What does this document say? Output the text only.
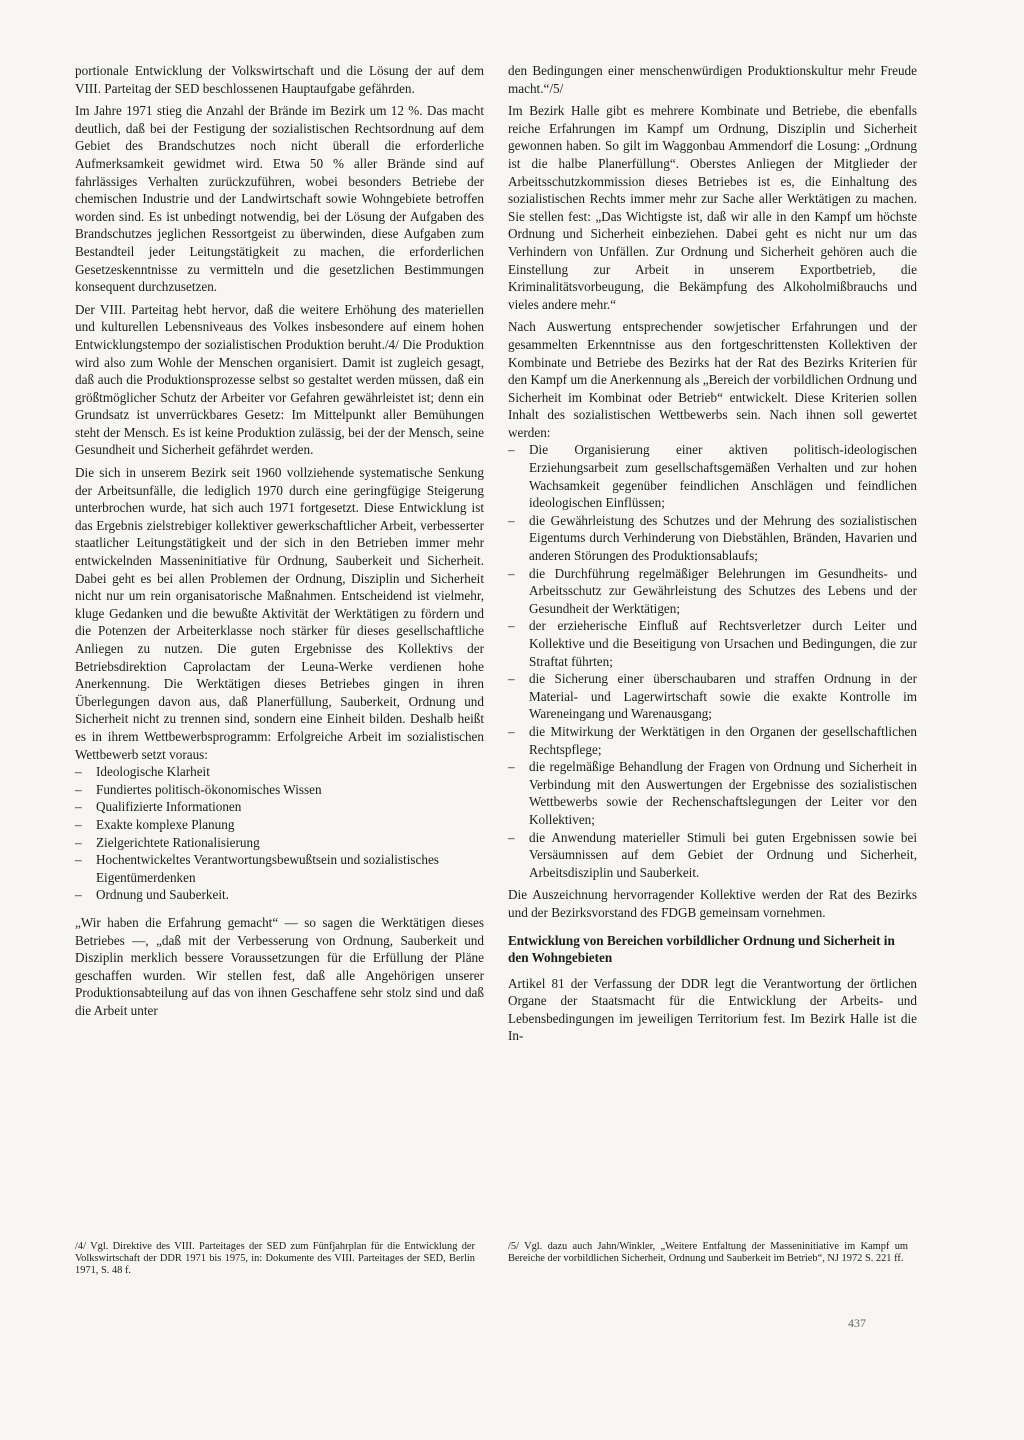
portionale Entwicklung der Volkswirtschaft und die Lösung der auf dem VIII. Parteitag der SED beschlossenen Hauptaufgabe gefährden.

Im Jahre 1971 stieg die Anzahl der Brände im Bezirk um 12 %. Das macht deutlich, daß bei der Festigung der sozialistischen Rechtsordnung auf dem Gebiet des Brandschutzes noch nicht überall die erforderliche Aufmerksamkeit gewidmet wird. Etwa 50 % aller Brände sind auf fahrlässiges Verhalten zurückzuführen, wobei besonders Betriebe der chemischen Industrie und der Landwirtschaft sowie Wohngebiete betroffen worden sind. Es ist unbedingt notwendig, bei der Lösung der Aufgaben des Brandschutzes jeglichen Ressortgeist zu überwinden, diese Aufgaben zum Bestandteil jeder Leitungstätigkeit zu machen, die erforderlichen Gesetzeskenntnisse zu vermitteln und die gesetzlichen Bestimmungen konsequent durchzusetzen.

Der VIII. Parteitag hebt hervor, daß die weitere Erhöhung des materiellen und kulturellen Lebensniveaus des Volkes insbesondere auf einem hohen Entwicklungstempo der sozialistischen Produktion beruht./4/ Die Produktion wird also zum Wohle der Menschen organisiert. Damit ist zugleich gesagt, daß auch die Produktionsprozesse selbst so gestaltet werden müssen, daß ein größtmöglicher Schutz der Arbeiter vor Gefahren gewährleistet ist; denn ein Grundsatz ist unverrückbares Gesetz: Im Mittelpunkt aller Bemühungen steht der Mensch. Es ist keine Produktion zulässig, bei der der Mensch, seine Gesundheit und Sicherheit gefährdet werden.

Die sich in unserem Bezirk seit 1960 vollziehende systematische Senkung der Arbeitsunfälle, die lediglich 1970 durch eine geringfügige Steigerung unterbrochen wurde, hat sich auch 1971 fortgesetzt. Diese Entwicklung ist das Ergebnis zielstrebiger kollektiver gewerkschaftlicher Arbeit, verbesserter staatlicher Leitungstätigkeit und der sich in den Betrieben immer mehr entwickelnden Masseninitiative für Ordnung, Sauberkeit und Sicherheit. Dabei geht es bei allen Problemen der Ordnung, Disziplin und Sicherheit nicht nur um rein organisatorische Maßnahmen. Entscheidend ist vielmehr, kluge Gedanken und die bewußte Aktivität der Werktätigen zu fördern und die Potenzen der Arbeiterklasse noch stärker für dieses gesellschaftliche Anliegen zu nutzen. Die guten Ergebnisse des Kollektivs der Betriebsdirektion Caprolactam der Leuna-Werke verdienen hohe Anerkennung. Die Werktätigen dieses Betriebes gingen in ihren Überlegungen davon aus, daß Planerfüllung, Sauberkeit, Ordnung und Sicherheit nicht zu trennen sind, sondern eine Einheit bilden. Deshalb heißt es in ihrem Wettbewerbsprogramm: Erfolgreiche Arbeit im sozialistischen Wettbewerb setzt voraus:

– Ideologische Klarheit
– Fundiertes politisch-ökonomisches Wissen
– Qualifizierte Informationen
– Exakte komplexe Planung
– Zielgerichtete Rationalisierung
– Hochentwickeltes Verantwortungsbewußtsein und sozialistisches Eigentümerdenken
– Ordnung und Sauberkeit.

„Wir haben die Erfahrung gemacht“ — so sagen die Werktätigen dieses Betriebes —, „daß mit der Verbesserung von Ordnung, Sauberkeit und Disziplin merklich bessere Voraussetzungen für die Erfüllung der Pläne geschaffen wurden. Wir stellen fest, daß alle Angehörigen unserer Produktionsabteilung auf das von ihnen Geschaffene sehr stolz sind und daß die Arbeit unter

den Bedingungen einer menschenwürdigen Produktionskultur mehr Freude macht.“/5/

Im Bezirk Halle gibt es mehrere Kombinate und Betriebe, die ebenfalls reiche Erfahrungen im Kampf um Ordnung, Disziplin und Sicherheit gewonnen haben. So gilt im Waggonbau Ammendorf die Losung: „Ordnung ist die halbe Planerfüllung“. Oberstes Anliegen der Mitglieder der Arbeitsschutzkommission dieses Betriebes ist es, die Einhaltung des sozialistischen Rechts immer mehr zur Sache aller Werktätigen zu machen. Sie stellen fest: „Das Wichtigste ist, daß wir alle in den Kampf um höchste Ordnung und Sicherheit einbeziehen. Dabei geht es nicht nur um das Verhindern von Unfällen. Zur Ordnung und Sicherheit gehören auch die Einstellung zur Arbeit in unserem Exportbetrieb, die Kriminalitätsvorbeugung, die Bekämpfung des Alkoholmißbrauchs und vieles andere mehr.“

Nach Auswertung entsprechender sowjetischer Erfahrungen und der gesammelten Erkenntnisse aus den fortgeschrittensten Kollektiven der Kombinate und Betriebe des Bezirks hat der Rat des Bezirks Kriterien für den Kampf um die Anerkennung als „Bereich der vorbildlichen Ordnung und Sicherheit im Kombinat oder Betrieb“ entwickelt. Diese Kriterien sollen Inhalt des sozialistischen Wettbewerbs sein. Nach ihnen soll gewertet werden:

– Die Organisierung einer aktiven politisch-ideologischen Erziehungsarbeit zum gesellschaftsgemäßen Verhalten und zur hohen Wachsamkeit gegenüber feindlichen Anschlägen und feindlichen ideologischen Einflüssen;
– die Gewährleistung des Schutzes und der Mehrung des sozialistischen Eigentums durch Verhinderung von Diebstählen, Bränden, Havarien und anderen Störungen des Produktionsablaufs;
– die Durchführung regelmäßiger Belehrungen im Gesundheits- und Arbeitsschutz zur Gewährleistung des Schutzes des Lebens und der Gesundheit der Werktätigen;
– der erzieherische Einfluß auf Rechtsverletzer durch Leiter und Kollektive und die Beseitigung von Ursachen und Bedingungen, die zur Straftat führten;
– die Sicherung einer überschaubaren und straffen Ordnung in der Material- und Lagerwirtschaft sowie die exakte Kontrolle im Wareneingang und Warenausgang;
– die Mitwirkung der Werktätigen in den Organen der gesellschaftlichen Rechtspflege;
– die regelmäßige Behandlung der Fragen von Ordnung und Sicherheit in Verbindung mit den Auswertungen der Ergebnisse des sozialistischen Wettbewerbs sowie der Rechenschaftslegungen der Leiter vor den Kollektiven;
– die Anwendung materieller Stimuli bei guten Ergebnissen sowie bei Versäumnissen auf dem Gebiet der Ordnung und Sicherheit, Arbeitsdisziplin und Sauberkeit.

Die Auszeichnung hervorragender Kollektive werden der Rat des Bezirks und der Bezirksvorstand des FDGB gemeinsam vornehmen.

Entwicklung von Bereichen vorbildlicher Ordnung und Sicherheit in den Wohngebieten

Artikel 81 der Verfassung der DDR legt die Verantwortung der örtlichen Organe der Staatsmacht für die Entwicklung der Arbeits- und Lebensbedingungen im jeweiligen Territorium fest. Im Bezirk Halle ist die In-

/4/ Vgl. Direktive des VIII. Parteitages der SED zum Fünfjahrplan für die Entwicklung der Volkswirtschaft der DDR 1971 bis 1975, in: Dokumente des VIII. Parteitages der SED, Berlin 1971, S. 48 f.
/5/ Vgl. dazu auch Jahn/Winkler, „Weitere Entfaltung der Masseninitiative im Kampf um Bereiche der vorbildlichen Sicherheit, Ordnung und Sauberkeit im Betrieb“, NJ 1972 S. 221 ff.
437
